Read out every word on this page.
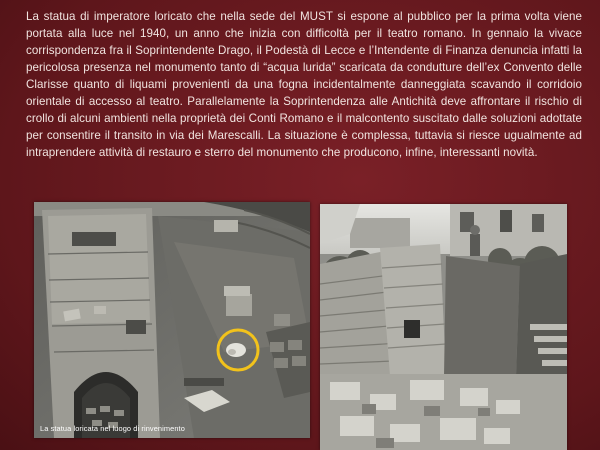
La statua di imperatore loricato che nella sede del MUST si espone al pubblico per la prima volta viene portata alla luce nel 1940, un anno che inizia con difficoltà per il teatro romano. In gennaio la vivace corrispondenza fra il Soprintendente Drago, il Podestà di Lecce e l’Intendente di Finanza denuncia infatti la pericolosa presenza nel monumento tanto di “acqua lurida” scaricata da condutture dell’ex Convento delle Clarisse quanto di liquami provenienti da una fogna incidentalmente danneggiata scavando il corridoio orientale di accesso al teatro. Parallelamente la Soprintendenza alle Antichità deve affrontare il rischio di crollo di alcuni ambienti nella proprietà dei Conti Romano e il malcontento suscitato dalle soluzioni adottate per consentire il transito in via dei Marescalli. La situazione è complessa, tuttavia si riesce ugualmente ad intraprendere attività di restauro e sterro del monumento che producono, infine, interessanti novità.

La statua loricata nel luogo di rinvenimento
